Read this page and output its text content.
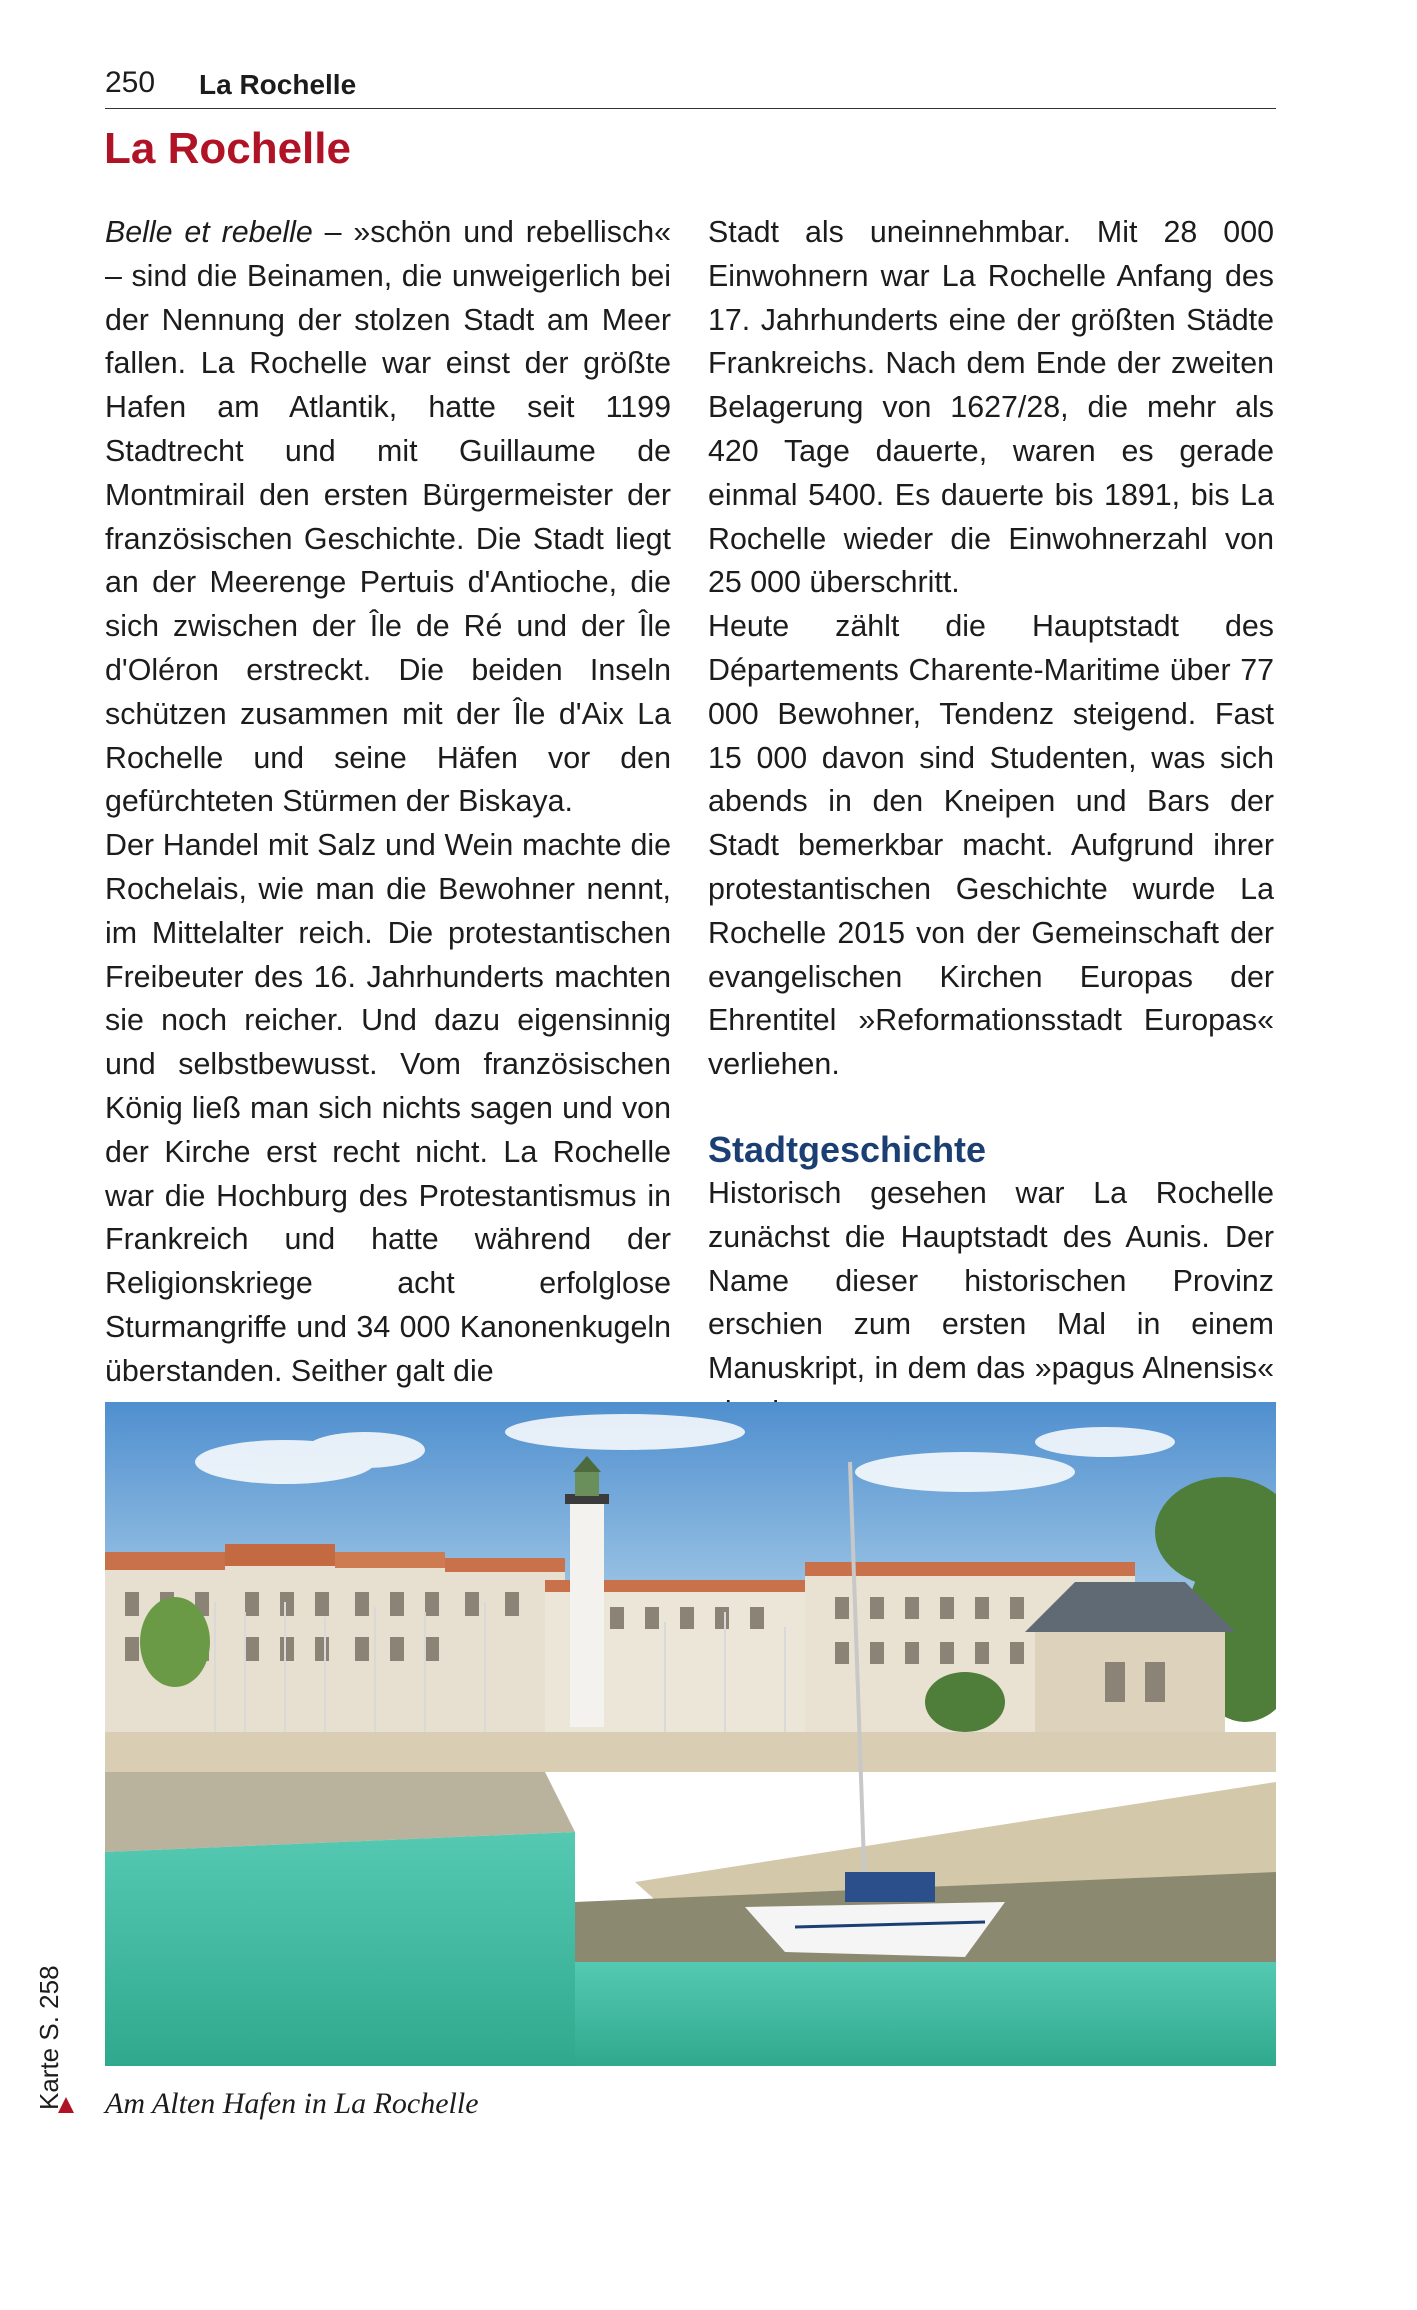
250 La Rochelle
La Rochelle

Belle et rebelle – »schön und rebellisch« – sind die Beinamen, die unweigerlich bei der Nennung der stolzen Stadt am Meer fallen. La Rochelle war einst der größte Hafen am Atlantik, hatte seit 1199 Stadtrecht und mit Guillaume de Montmirail den ersten Bürgermeister der französischen Geschichte. Die Stadt liegt an der Meerenge Pertuis d'Antioche, die sich zwischen der Île de Ré und der Île d'Oléron erstreckt. Die beiden Inseln schützen zusammen mit der Île d'Aix La Rochelle und seine Häfen vor den gefürchteten Stürmen der Biskaya.

Der Handel mit Salz und Wein machte die Rochelais, wie man die Bewohner nennt, im Mittelalter reich. Die protestantischen Freibeuter des 16. Jahrhunderts machten sie noch reicher. Und dazu eigensinnig und selbstbewusst. Vom französischen König ließ man sich nichts sagen und von der Kirche erst recht nicht. La Rochelle war die Hochburg des Protestantismus in Frankreich und hatte während der Religionskriege acht erfolglose Sturmangriffe und 34 000 Kanonenkugeln überstanden. Seither galt die

Stadt als uneinnehmbar. Mit 28 000 Einwohnern war La Rochelle Anfang des 17. Jahrhunderts eine der größten Städte Frankreichs. Nach dem Ende der zweiten Belagerung von 1627/28, die mehr als 420 Tage dauerte, waren es gerade einmal 5400. Es dauerte bis 1891, bis La Rochelle wieder die Einwohnerzahl von 25 000 überschritt.

Heute zählt die Hauptstadt des Départements Charente-Maritime über 77 000 Bewohner, Tendenz steigend. Fast 15 000 davon sind Studenten, was sich abends in den Kneipen und Bars der Stadt bemerkbar macht. Aufgrund ihrer protestantischen Geschichte wurde La Rochelle 2015 von der Gemeinschaft der evangelischen Kirchen Europas der Ehrentitel »Reformationsstadt Europas« verliehen.

Stadtgeschichte

Historisch gesehen war La Rochelle zunächst die Hauptstadt des Aunis. Der Name dieser historischen Provinz erschien zum ersten Mal in einem Manuskript, in dem das »pagus Alnensis«

Am Alten Hafen in La Rochelle
Karte S. 258
